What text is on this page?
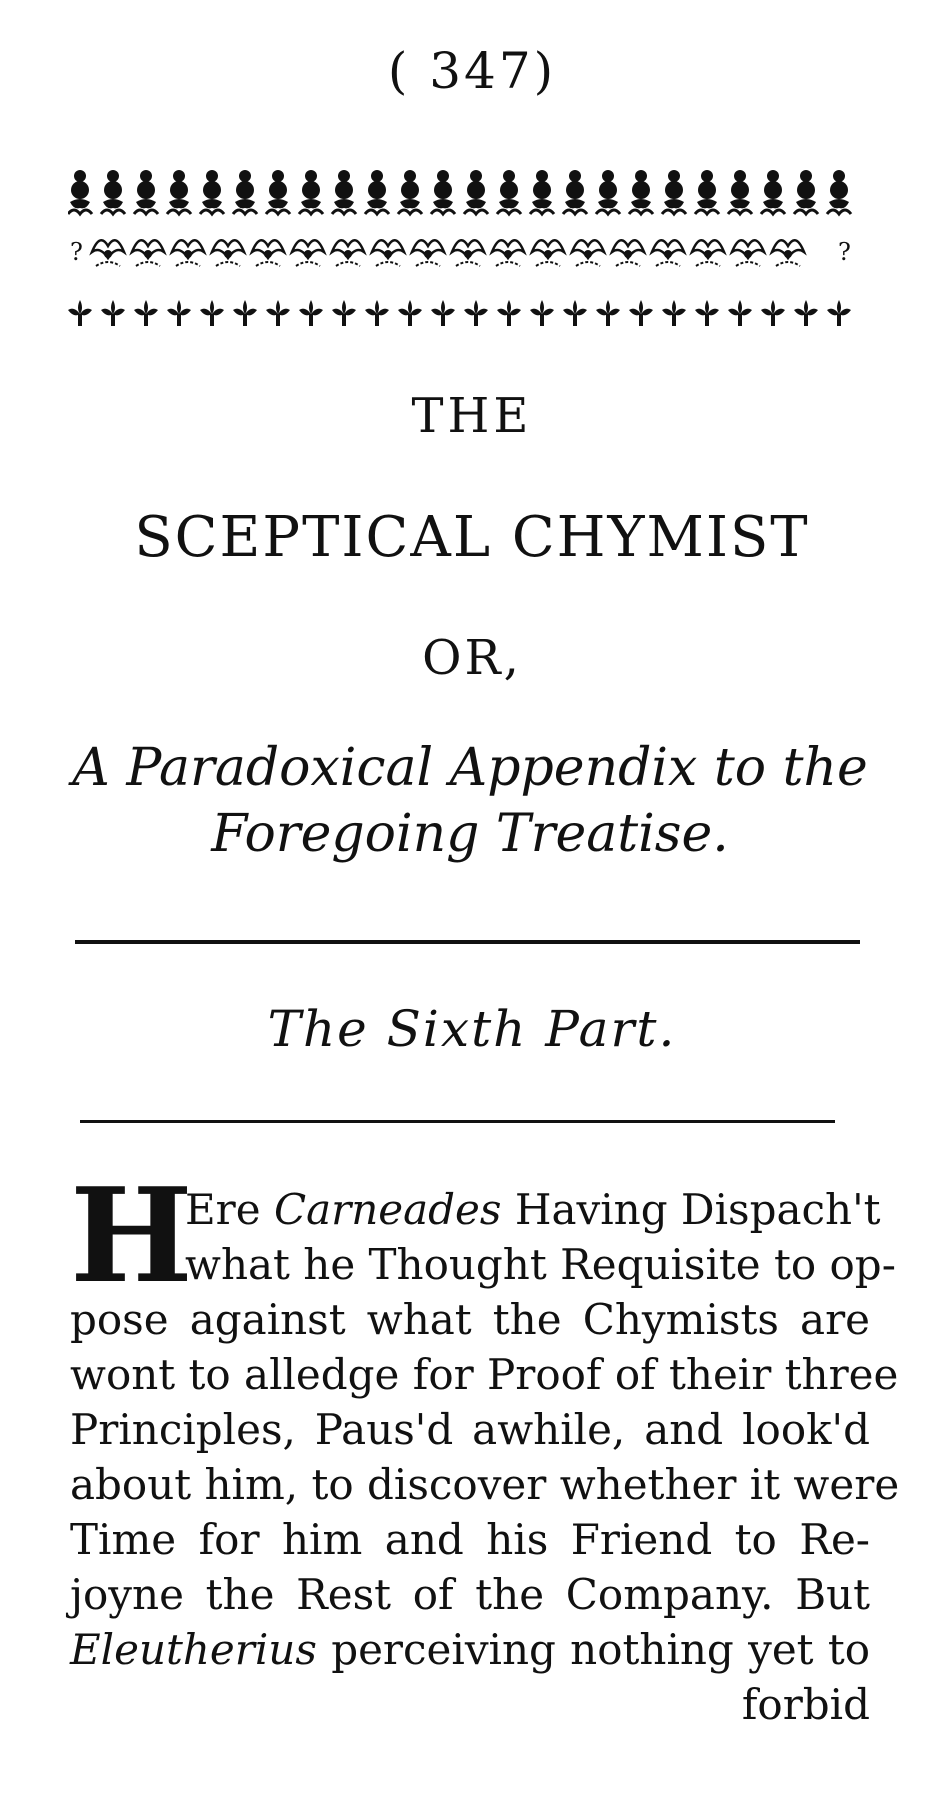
( 347)
?	?
THE
SCEPTICAL CHYMIST
OR,
A Paradoxical Appendix to the
Foregoing Treatise.
The Sixth Part.
H
Ere Carneades Having Dispach't
what he Thought Requisite to op-
pose against what the Chymists are
wont to alledge for Proof of their three
Principles, Paus'd awhile, and look'd
about him, to discover whether it were
Time for him and his Friend to Re-
joyne the Rest of the Company. But
Eleutherius perceiving nothing yet to
forbid
